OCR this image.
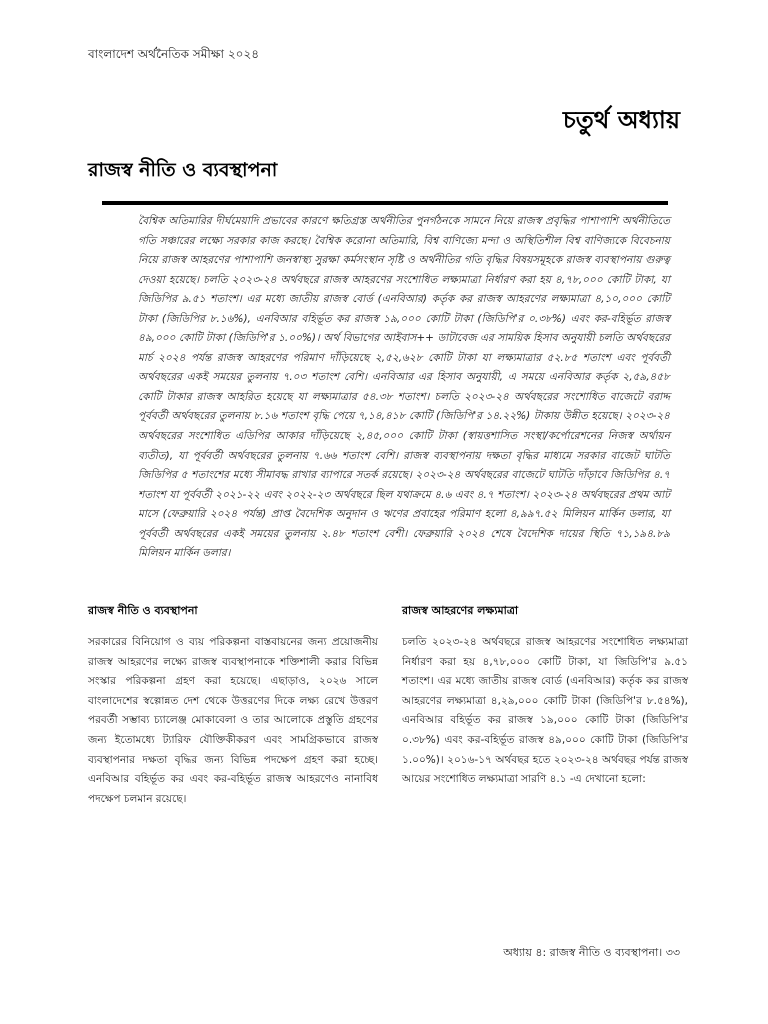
বাংলাদেশ অর্থনৈতিক সমীক্ষা ২০২৪
চতুর্থ অধ্যায়
রাজস্ব নীতি ও ব্যবস্থাপনা
বৈশ্বিক অতিমারির দীর্ঘমেয়াদি প্রভাবের কারণে ক্ষতিগ্রস্ত অর্থনীতির পুনর্গঠনকে সামনে নিয়ে রাজস্ব প্রবৃদ্ধির পাশাপাশি অর্থনীতিতে গতি সঞ্চারের লক্ষ্যে সরকার কাজ করছে। বৈশ্বিক করোনা অতিমারি, বিশ্ব বাণিজ্যে মন্দা ও অস্থিতিশীল বিশ্ব বাণিজ্যকে বিবেচনায় নিয়ে রাজস্ব আহরণের পাশাপাশি জনস্বাস্থ্য সুরক্ষা কর্মসংস্থান সৃষ্টি ও অর্থনীতির গতি বৃদ্ধির বিষয়সমূহকে রাজস্ব ব্যবস্থাপনায় গুরুত্ব দেওয়া হয়েছে। চলতি ২০২৩-২৪ অর্থবছরে রাজস্ব আহরণের সংশোধিত লক্ষ্যমাত্রা নির্ধারণ করা হয় ৪,৭৮,০০০ কোটি টাকা, যা জিডিপির ৯.৫১ শতাংশ। এর মধ্যে জাতীয় রাজস্ব বোর্ড (এনবিআর) কর্তৃক কর রাজস্ব আহরণের লক্ষ্যমাত্রা ৪,১০,০০০ কোটি টাকা (জিডিপির ৮.১৬%), এনবিআর বহির্ভূত কর রাজস্ব ১৯,০০০ কোটি টাকা (জিডিপি'র ০.৩৮%) এবং কর-বহির্ভূত রাজস্ব ৪৯,০০০ কোটি টাকা (জিডিপি'র ১.০০%)। অর্থ বিভাগের আইবাস++ ডাটাবেজ এর সাময়িক হিসাব অনুযায়ী চলতি অর্থবছরের মার্চ ২০২৪ পর্যন্ত রাজস্ব আহরণের পরিমাণ দাঁড়িয়েছে ২,৫২,৬২৮ কোটি টাকা যা লক্ষ্যমাত্রার ৫২.৮৫ শতাংশ এবং পূর্ববর্তী অর্থবছরের একই সময়ের তুলনায় ৭.০৩ শতাংশ বেশি। এনবিআর এর হিসাব অনুযায়ী, এ সময়ে এনবিআর কর্তৃক ২,৫৯,৪৫৮ কোটি টাকার রাজস্ব আহরিত হয়েছে যা লক্ষ্যমাত্রার ৫৪.৩৮ শতাংশ। চলতি ২০২৩-২৪ অর্থবছরের সংশোধিত বাজেটে বরাদ্দ পূর্ববর্তী অর্থবছরের তুলনায় ৮.১৬ শতাংশ বৃদ্ধি পেয়ে ৭,১৪,৪১৮ কোটি (জিডিপি'র ১৪.২২%) টাকায় উন্নীত হয়েছে। ২০২৩-২৪ অর্থবছরের সংশোধিত এডিপির আকার দাঁড়িয়েছে ২,৪৫,০০০ কোটি টাকা (স্বায়ত্তশাসিত সংস্থা/কর্পোরেশনের নিজস্ব অর্থায়ন ব্যতীত), যা পূর্ববর্তী অর্থবছরের তুলনায় ৭.৬৬ শতাংশ বেশি। রাজস্ব ব্যবস্থাপনায় দক্ষতা বৃদ্ধির মাধ্যমে সরকার বাজেট ঘাটতি জিডিপির ৫ শতাংশের মধ্যে সীমাবদ্ধ রাখার ব্যাপারে সতর্ক রয়েছে। ২০২৩-২৪ অর্থবছরের বাজেটে ঘাটতি দাঁড়াবে জিডিপির ৪.৭ শতাংশ যা পূর্ববর্তী ২০২১-২২ এবং ২০২২-২৩ অর্থবছরে ছিল যথাক্রমে ৪.৬ এবং ৪.৭ শতাংশ। ২০২৩-২৪ অর্থবছরের প্রথম আট মাসে (ফেব্রুয়ারি ২০২৪ পর্যন্ত) প্রাপ্ত বৈদেশিক অনুদান ও ঋণের প্রবাহের পরিমাণ হলো ৪,৯৯৭.৫২ মিলিয়ন মার্কিন ডলার, যা পূর্ববর্তী অর্থবছরের একই সময়ের তুলনায় ২.৪৮ শতাংশ বেশী। ফেব্রুয়ারি ২০২৪ শেষে বৈদেশিক দায়ের স্থিতি ৭১,১৯৪.৮৯ মিলিয়ন মার্কিন ডলার।
রাজস্ব নীতি ও ব্যবস্থাপনা
সরকারের বিনিয়োগ ও ব্যয় পরিকল্পনা বাস্তবায়নের জন্য প্রয়োজনীয় রাজস্ব আহরণের লক্ষ্যে রাজস্ব ব্যবস্থাপনাকে শক্তিশালী করার বিভিন্ন সংস্কার পরিকল্পনা গ্রহণ করা হয়েছে। এছাড়াও, ২০২৬ সালে বাংলাদেশের স্বল্পোন্নত দেশ থেকে উত্তরণের দিকে লক্ষ্য রেখে উত্তরণ পরবর্তী সম্ভাব্য চ্যালেঞ্জ মোকাবেলা ও তার আলোকে প্রস্তুতি গ্রহণের জন্য ইতোমধ্যে ট্যারিফ যৌক্তিকীকরণ এবং সামগ্রিকভাবে রাজস্ব ব্যবস্থাপনার দক্ষতা বৃদ্ধির জন্য বিভিন্ন পদক্ষেপ গ্রহণ করা হচ্ছে। এনবিআর বহির্ভূত কর এবং কর-বহির্ভূত রাজস্ব আহরণেও নানাবিধ পদক্ষেপ চলমান রয়েছে।
রাজস্ব আহরণের লক্ষ্যমাত্রা
চলতি ২০২৩-২৪ অর্থবছরে রাজস্ব আহরণের সংশোধিত লক্ষ্যমাত্রা নির্ধারণ করা হয় ৪,৭৮,০০০ কোটি টাকা, যা জিডিপি'র ৯.৫১ শতাংশ। এর মধ্যে জাতীয় রাজস্ব বোর্ড (এনবিআর) কর্তৃক কর রাজস্ব আহরণের লক্ষ্যমাত্রা ৪,২৯,০০০ কোটি টাকা (জিডিপি'র ৮.৫৪%), এনবিআর বহির্ভূত কর রাজস্ব ১৯,০০০ কোটি টাকা (জিডিপি'র ০.৩৮%) এবং কর-বহির্ভূত রাজস্ব ৪৯,০০০ কোটি টাকা (জিডিপি'র ১.০০%)। ২০১৬-১৭ অর্থবছর হতে ২০২৩-২৪ অর্থবছর পর্যন্ত রাজস্ব আয়ের সংশোধিত লক্ষ্যমাত্রা সারণি ৪.১ -এ দেখানো হলো:
অধ্যায় ৪: রাজস্ব নীতি ও ব্যবস্থাপনা। ৩৩
